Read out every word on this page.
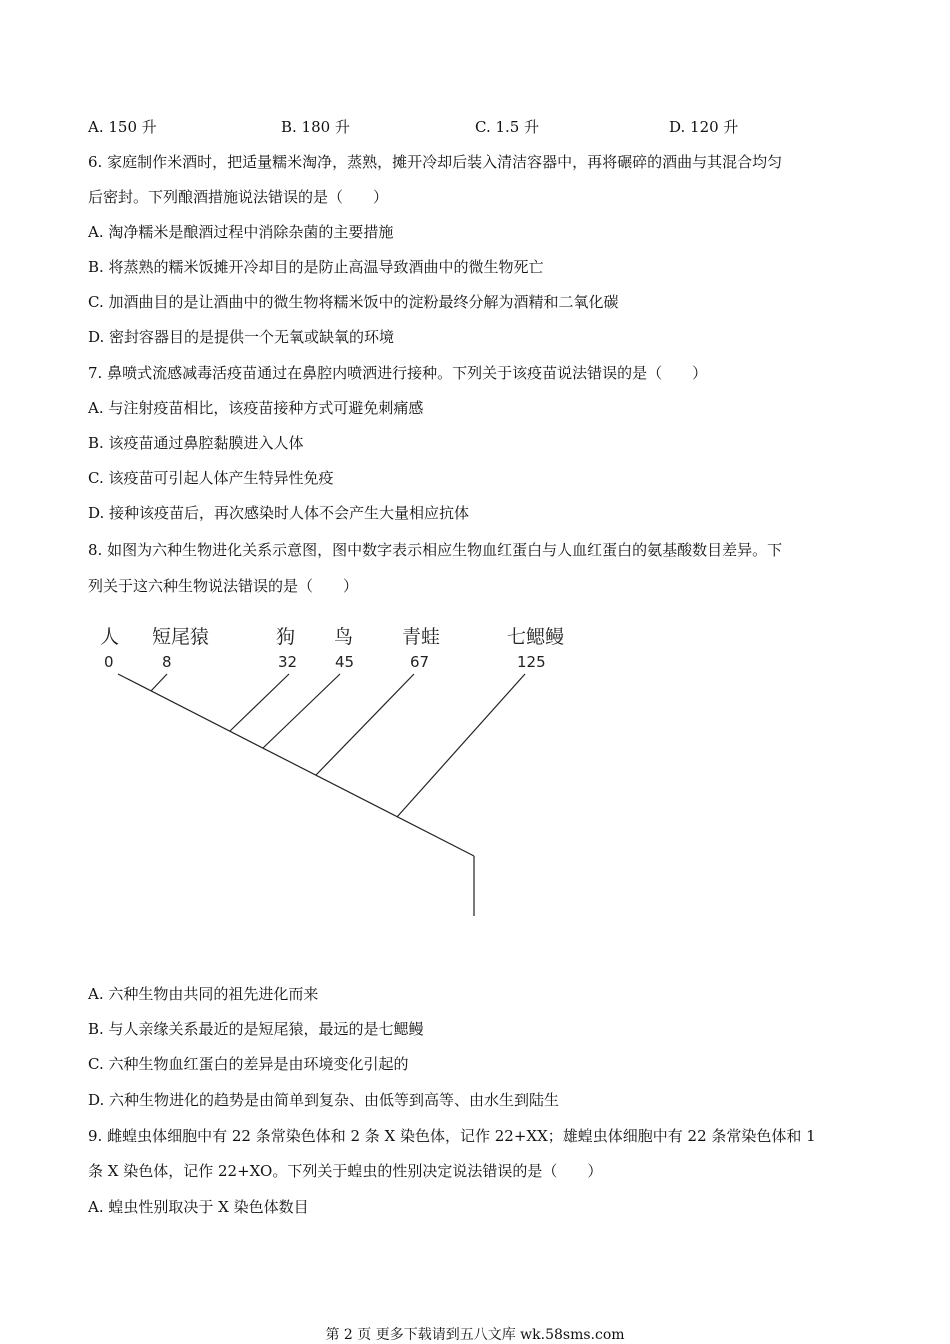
A. 150 升	B. 180 升	C. 1.5 升	D. 120 升
6. 家庭制作米酒时，把适量糯米淘净，蒸熟，摊开冷却后装入清洁容器中，再将碾碎的酒曲与其混合均匀
后密封。下列酿酒措施说法错误的是（　　）
A. 淘净糯米是酿酒过程中消除杂菌的主要措施
B. 将蒸熟的糯米饭摊开冷却目的是防止高温导致酒曲中的微生物死亡
C. 加酒曲目的是让酒曲中的微生物将糯米饭中的淀粉最终分解为酒精和二氧化碳
D. 密封容器目的是提供一个无氧或缺氧的环境
7. 鼻喷式流感减毒活疫苗通过在鼻腔内喷洒进行接种。下列关于该疫苗说法错误的是（　　）
A. 与注射疫苗相比，该疫苗接种方式可避免刺痛感
B. 该疫苗通过鼻腔黏膜进入人体
C. 该疫苗可引起人体产生特异性免疫
D. 接种该疫苗后，再次感染时人体不会产生大量相应抗体
8. 如图为六种生物进化关系示意图，图中数字表示相应生物血红蛋白与人血红蛋白的氨基酸数目差异。下
列关于这六种生物说法错误的是（　　）
人 短尾猿	狗 鸟	青蛙	七鳃鳗
0	8	32	45	67	125
A. 六种生物由共同的祖先进化而来
B. 与人亲缘关系最近的是短尾猿，最远的是七鳃鳗
C. 六种生物血红蛋白的差异是由环境变化引起的
D. 六种生物进化的趋势是由简单到复杂、由低等到高等、由水生到陆生
9. 雌蝗虫体细胞中有 22 条常染色体和 2 条 X 染色体，记作 22+XX；雄蝗虫体细胞中有 22 条常染色体和 1
条 X 染色体，记作 22+XO。下列关于蝗虫的性别决定说法错误的是（　　）
A. 蝗虫性别取决于 X 染色体数目
第 2 页 更多下载请到五八文库 wk.58sms.com
